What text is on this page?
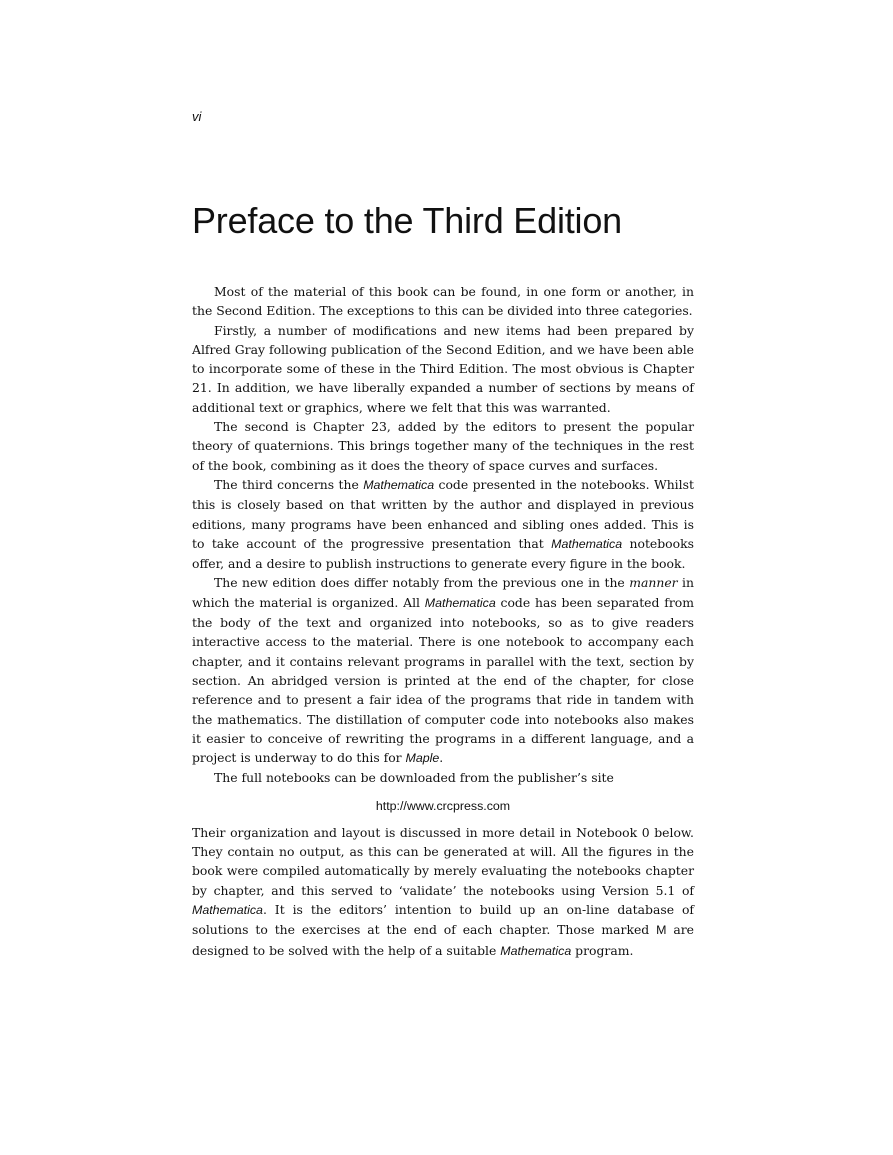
vi
Preface to the Third Edition

Most of the material of this book can be found, in one form or another, in the Second Edition. The exceptions to this can be divided into three categories.

Firstly, a number of modifications and new items had been prepared by Alfred Gray following publication of the Second Edition, and we have been able to incorporate some of these in the Third Edition. The most obvious is Chapter 21. In addition, we have liberally expanded a number of sections by means of additional text or graphics, where we felt that this was warranted.

The second is Chapter 23, added by the editors to present the popular theory of quaternions. This brings together many of the techniques in the rest of the book, combining as it does the theory of space curves and surfaces.

The third concerns the Mathematica code presented in the notebooks. Whilst this is closely based on that written by the author and displayed in previous editions, many programs have been enhanced and sibling ones added. This is to take account of the progressive presentation that Mathematica notebooks offer, and a desire to publish instructions to generate every figure in the book.

The new edition does differ notably from the previous one in the manner in which the material is organized. All Mathematica code has been separated from the body of the text and organized into notebooks, so as to give readers interactive access to the material. There is one notebook to accompany each chapter, and it contains relevant programs in parallel with the text, section by section. An abridged version is printed at the end of the chapter, for close reference and to present a fair idea of the programs that ride in tandem with the mathematics. The distillation of computer code into notebooks also makes it easier to conceive of rewriting the programs in a different language, and a project is underway to do this for Maple.

The full notebooks can be downloaded from the publisher’s site

http://www.crcpress.com

Their organization and layout is discussed in more detail in Notebook 0 below. They contain no output, as this can be generated at will. All the figures in the book were compiled automatically by merely evaluating the notebooks chapter by chapter, and this served to ‘validate’ the notebooks using Version 5.1 of Mathematica. It is the editors’ intention to build up an on-line database of solutions to the exercises at the end of each chapter. Those marked M are designed to be solved with the help of a suitable Mathematica program.
